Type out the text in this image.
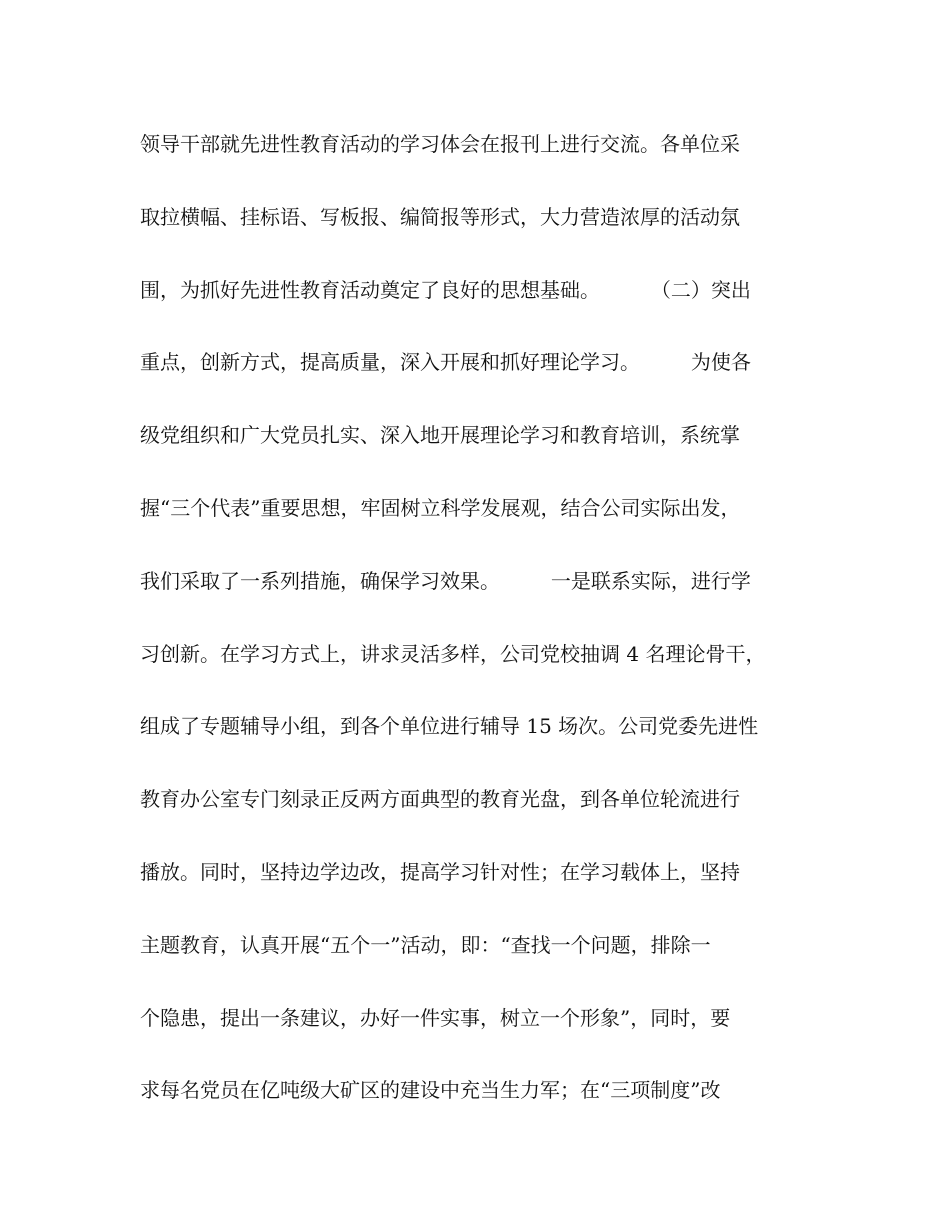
领导干部就先进性教育活动的学习体会在报刊上进行交流。各单位采
取拉横幅、挂标语、写板报、编简报等形式，大力营造浓厚的活动氛
围，为抓好先进性教育活动奠定了良好的思想基础。        （二）突出
重点，创新方式，提高质量，深入开展和抓好理论学习。        为使各
级党组织和广大党员扎实、深入地开展理论学习和教育培训，系统掌
握“三个代表”重要思想，牢固树立科学发展观，结合公司实际出发，
我们采取了一系列措施，确保学习效果。        一是联系实际，进行学
习创新。在学习方式上，讲求灵活多样，公司党校抽调 4 名理论骨干，
组成了专题辅导小组，到各个单位进行辅导 15 场次。公司党委先进性
教育办公室专门刻录正反两方面典型的教育光盘，到各单位轮流进行
播放。同时，坚持边学边改，提高学习针对性；在学习载体上，坚持
主题教育，认真开展“五个一”活动，即：“查找一个问题，排除一
个隐患，提出一条建议，办好一件实事，树立一个形象”，同时，要
求每名党员在亿吨级大矿区的建设中充当生力军；在“三项制度”改
